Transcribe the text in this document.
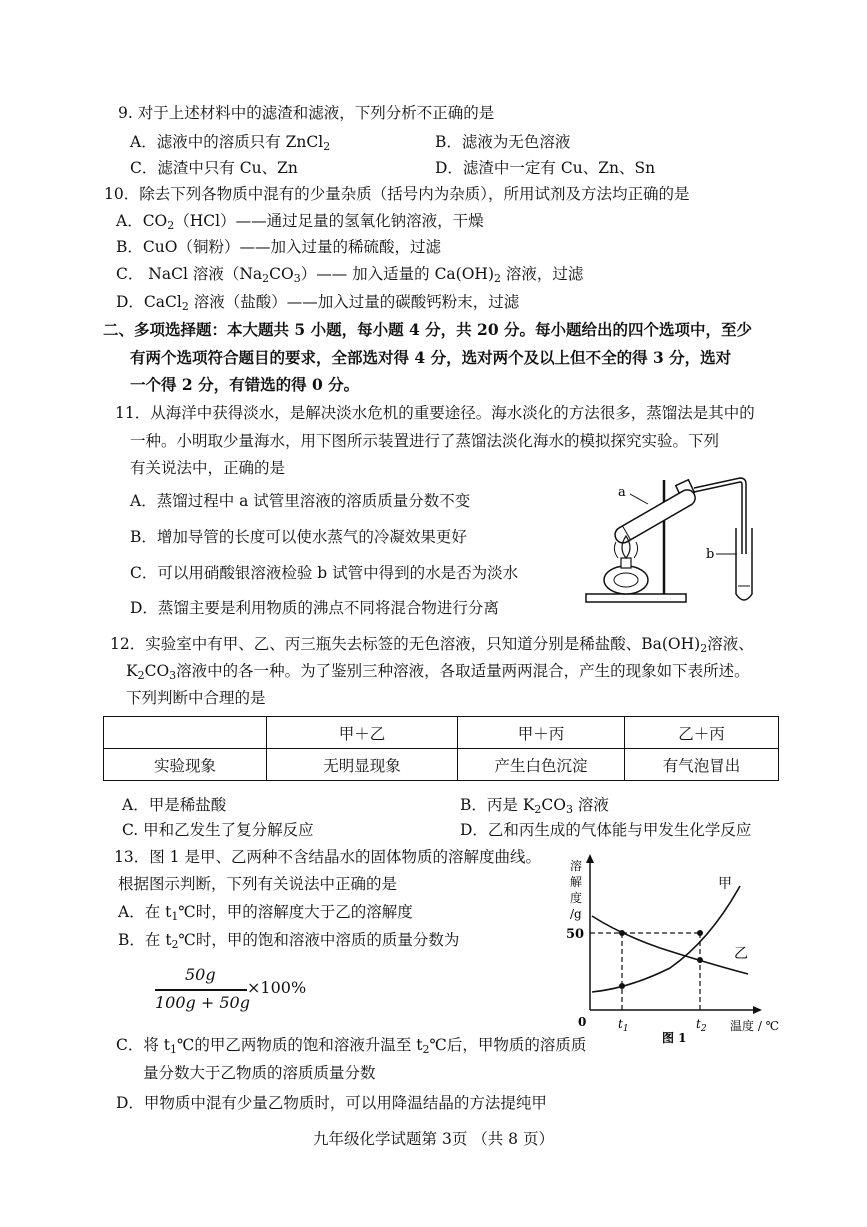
9. 对于上述材料中的滤渣和滤液，下列分析不正确的是
A．滤液中的溶质只有 ZnCl$_2$	B．滤液为无色溶液
C．滤渣中只有 Cu、Zn	D．滤渣中一定有 Cu、Zn、Sn
10．除去下列各物质中混有的少量杂质（括号内为杂质），所用试剂及方法均正确的是
A．$CO_2(HCl)——$通过足量的氢氧化钠溶液，干燥
B．CuO（铜粉）——加入过量的稀硫酸，过滤
C． NaCl 溶液$(Na_2CO_3)——$ 加入适量的 $Ca(OH)_2$ 溶液，过滤
D．CaCl$_2$ 溶液（盐酸）——加入过量的碳酸钙粉末，过滤
二、多项选择题：本大题共 5 小题，每小题 4 分，共 20 分。每小题给出的四个选项中，至少
有两个选项符合题目的要求，全部选对得 4 分，选对两个及以上但不全的得 3 分，选对
一个得 2 分，有错选的得 0 分。
11．从海洋中获得淡水，是解决淡水危机的重要途径。海水淡化的方法很多，蒸馏法是其中的
一种。小明取少量海水，用下图所示装置进行了蒸馏法淡化海水的模拟探究实验。下列
有关说法中，正确的是
A．蒸馏过程中 a 试管里溶液的溶质质量分数不变
B．增加导管的长度可以使水蒸气的冷凝效果更好
C．可以用硝酸银溶液检验 b 试管中得到的水是否为淡水
D．蒸馏主要是利用物质的沸点不同将混合物进行分离
a
b
12．实验室中有甲、乙、丙三瓶失去标签的无色溶液，只知道分别是稀盐酸、$Ba(OH)_2$溶液、
$K_2CO_3$溶液中的各一种。为了鉴别三种溶液，各取适量两两混合，产生的现象如下表所述。
下列判断中合理的是
	甲＋乙	甲＋丙	乙＋丙
实验现象	无明显现象	产生白色沉淀	有气泡冒出
A．甲是稀盐酸	B．丙是 $K_2CO_3$ 溶液
C. 甲和乙发生了复分解反应	D．乙和丙生成的气体能与甲发生化学反应
13．图 1 是甲、乙两种不含结晶水的固体物质的溶解度曲线。
根据图示判断，下列有关说法中正确的是
A．在 $t_1℃$时，甲的溶解度大于乙的溶解度
B．在 $t_2℃$时，甲的饱和溶液中溶质的质量分数为
50g
100g + 50g
×100%
C．将 $t_1℃$的甲乙两物质的饱和溶液升温至 $t_2℃$后，甲物质的溶质质
量分数大于乙物质的溶质质量分数
D．甲物质中混有少量乙物质时，可以用降温结晶的方法提纯甲
溶
解
度
/g
50
甲
乙
0	$t_1$	$t_2$ 温度 / ℃
图 1
九年级化学试题第 3页 （共 8 页）
